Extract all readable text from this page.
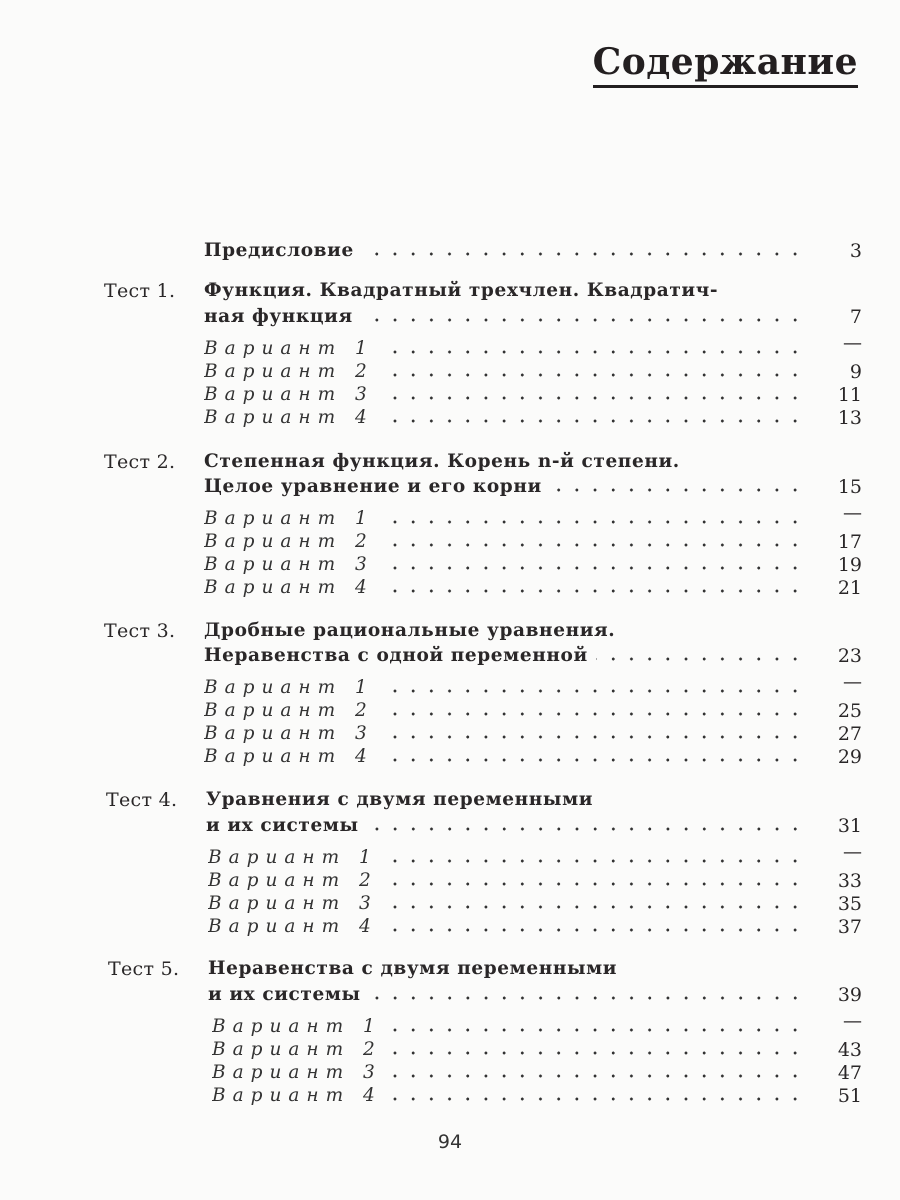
Содержание
Предисловие	3
Тест 1. Функция. Квадратный трехчлен. Квадратич-
ная функция	7
Вариант 1	—
Вариант 2	9
Вариант 3	11
Вариант 4	13
Тест 2. Степенная функция. Корень n-й степени.
Целое уравнение и его корни	15
Вариант 1	—
Вариант 2	17
Вариант 3	19
Вариант 4	21
Тест 3. Дробные рациональные уравнения.
Неравенства с одной переменной	23
Вариант 1	—
Вариант 2	25
Вариант 3	27
Вариант 4	29
Тест 4. Уравнения с двумя переменными
и их системы	31
Вариант 1	—
Вариант 2	33
Вариант 3	35
Вариант 4	37
Тест 5. Неравенства с двумя переменными
и их системы	39
Вариант 1	—
Вариант 2	43
Вариант 3	47
Вариант 4	51
94
